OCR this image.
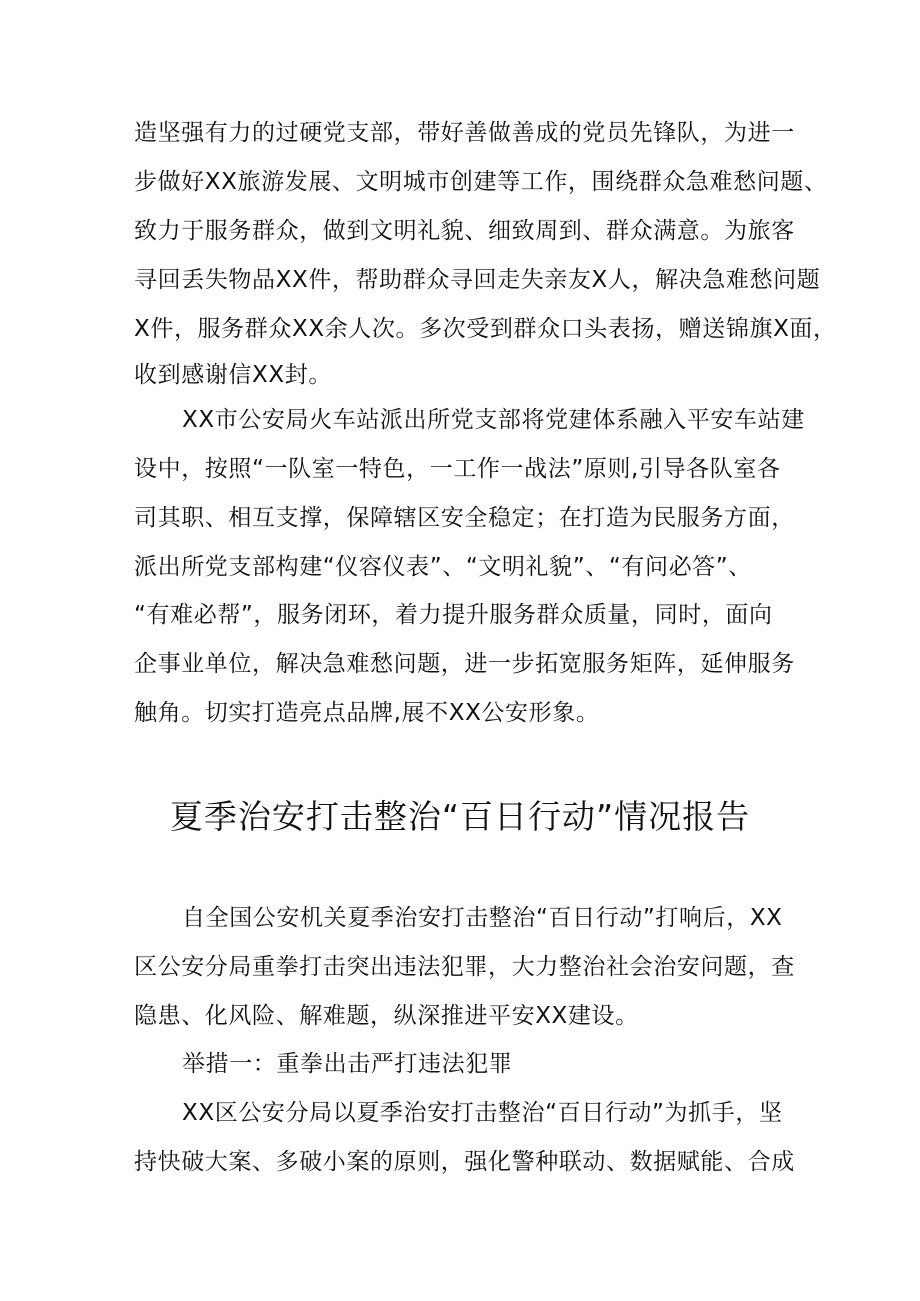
造坚强有力的过硬党支部，带好善做善成的党员先锋队，为进一
步做好XX旅游发展、文明城市创建等工作，围绕群众急难愁问题、
致力于服务群众，做到文明礼貌、细致周到、群众满意。为旅客
寻回丢失物品XX件，帮助群众寻回走失亲友X人，解决急难愁问题
X件，服务群众XX余人次。多次受到群众口头表扬，赠送锦旗X面，
收到感谢信XX封。
XX市公安局火车站派出所党支部将党建体系融入平安车站建
设中，按照“一队室一特色，一工作一战法”原则,引导各队室各
司其职、相互支撑，保障辖区安全稳定；在打造为民服务方面，
派出所党支部构建“仪容仪表”、“文明礼貌”、“有问必答”、
“有难必帮”，服务闭环，着力提升服务群众质量，同时，面向
企事业单位，解决急难愁问题，进一步拓宽服务矩阵，延伸服务
触角。切实打造亮点品牌,展不XX公安形象。
夏季治安打击整治“百日行动”情况报告
自全国公安机关夏季治安打击整治“百日行动”打响后，XX
区公安分局重拳打击突出违法犯罪，大力整治社会治安问题，查
隐患、化风险、解难题，纵深推进平安XX建设。
举措一：重拳出击严打违法犯罪
XX区公安分局以夏季治安打击整治“百日行动”为抓手，坚
持快破大案、多破小案的原则，强化警种联动、数据赋能、合成
